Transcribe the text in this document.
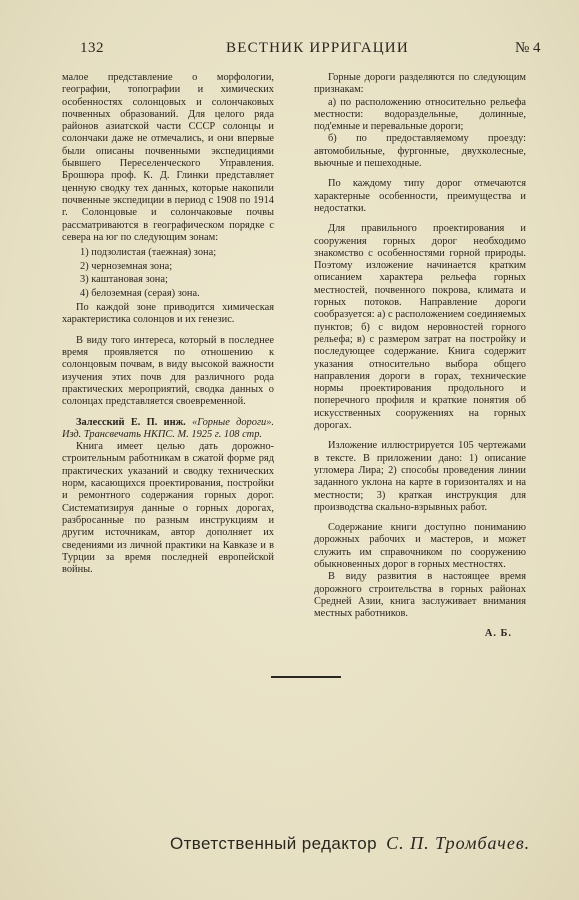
132	ВЕСТНИК ИРРИГАЦИИ	№ 4

малое представление о морфологии, географии, топографии и химических особенностях солонцовых и солончаковых почвенных образований. Для целого ряда районов азиатской части СССР солонцы и солончаки даже не отмечались, и они впервые были описаны почвенными экспедициями бывшего Переселенческого Управления. Брошюра проф. К. Д. Глинки представляет ценную сводку тех данных, которые накопили почвенные экспедиции в период с 1908 по 1914 г. Солонцовые и солончаковые почвы рассматриваются в географическом порядке с севера на юг по следующим зонам:

1) подзолистая (таежная) зона;
2) черноземная зона;
3) каштановая зона;
4) белоземная (серая) зона.

По каждой зоне приводится химическая характеристика солонцов и их генезис.

В виду того интереса, который в последнее время проявляется по отношению к солонцовым почвам, в виду высокой важности изучения этих почв для различного рода практических мероприятий, сводка данных о солонцах представляется своевременной.

Залесский Е. П. инж. «Горные дороги». Изд. Трансвечать НКПС. М. 1925 г. 108 стр.

Книга имеет целью дать дорожно-строительным работникам в сжатой форме ряд практических указаний и сводку технических норм, касающихся проектирования, постройки и ремонтного содержания горных дорог. Систематизируя данные о горных дорогах, разбросанные по разным инструкциям и другим источникам, автор дополняет их сведениями из личной практики на Кавказе и в Турции за время последней европейской войны.

Горные дороги разделяются по следующим признакам:

а) по расположению относительно рельефа местности: водораздельные, долинные, под'емные и перевальные дороги;

б) по предоставляемому проезду: автомобильные, фургонные, двухколесные, вьючные и пешеходные.

По каждому типу дорог отмечаются характерные особенности, преимущества и недостатки.

Для правильного проектирования и сооружения горных дорог необходимо знакомство с особенностями горной природы. Поэтому изложение начинается кратким описанием характера рельефа горных местностей, почвенного покрова, климата и горных потоков. Направление дороги сообразуется: а) с расположением соединяемых пунктов; б) с видом неровностей горного рельефа; в) с размером затрат на постройку и последующее содержание. Книга содержит указания относительно выбора общего направления дороги в горах, технические нормы проектирования продольного и поперечного профиля и краткие понятия об искусственных сооружениях на горных дорогах.

Изложение иллюстрируется 105 чертежами в тексте. В приложении дано: 1) описание угломера Лира; 2) способы проведения линии заданного уклона на карте в горизонталях и на местности; 3) краткая инструкция для производства скально-взрывных работ.

Содержание книги доступно пониманию дорожных рабочих и мастеров, и может служить им справочником по сооружению обыкновенных дорог в горных местностях.

В виду развития в настоящее время дорожного строительства в горных районах Средней Азии, книга заслуживает внимания местных работников.

А. Б.
Ответственный редактор С. П. Тромбачев.
